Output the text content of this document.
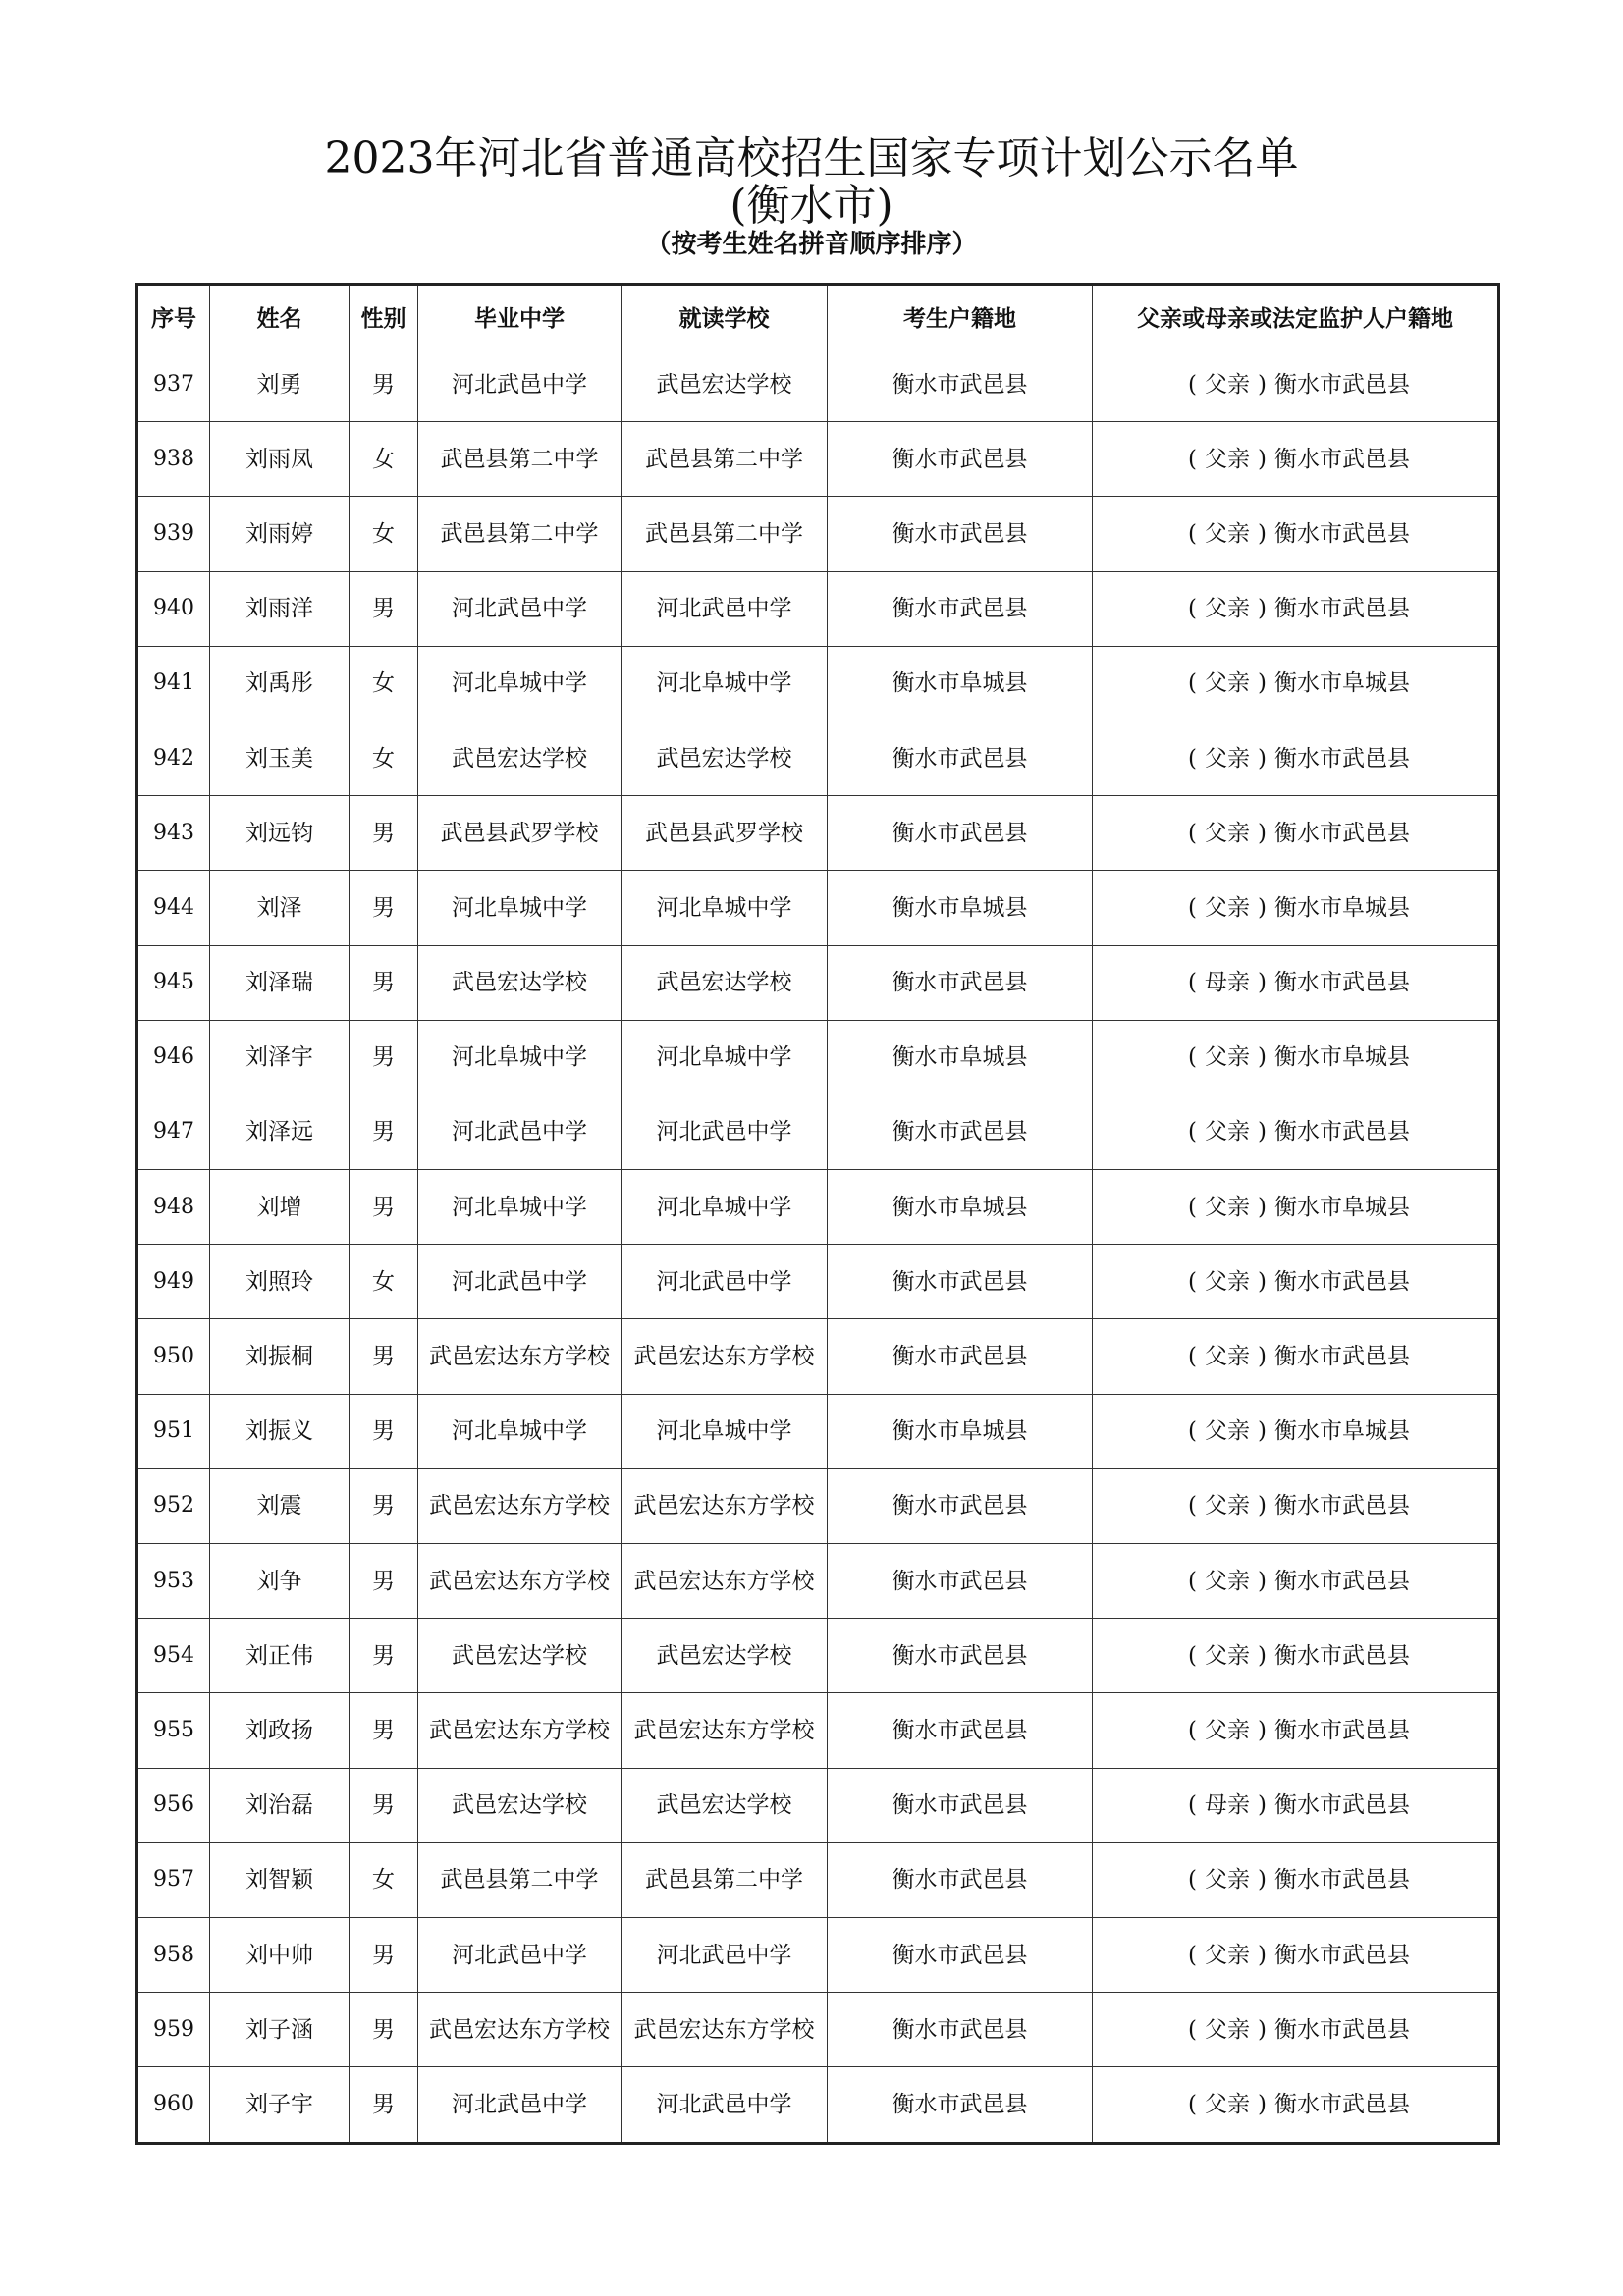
2023年河北省普通高校招生国家专项计划公示名单
(衡水市)
（按考生姓名拼音顺序排序）
序号	姓名	性别	毕业中学	就读学校	考生户籍地	父亲或母亲或法定监护人户籍地
937	刘勇	男	河北武邑中学	武邑宏达学校	衡水市武邑县	( 父亲 ) 衡水市武邑县
938	刘雨凤	女	武邑县第二中学	武邑县第二中学	衡水市武邑县	( 父亲 ) 衡水市武邑县
939	刘雨婷	女	武邑县第二中学	武邑县第二中学	衡水市武邑县	( 父亲 ) 衡水市武邑县
940	刘雨洋	男	河北武邑中学	河北武邑中学	衡水市武邑县	( 父亲 ) 衡水市武邑县
941	刘禹彤	女	河北阜城中学	河北阜城中学	衡水市阜城县	( 父亲 ) 衡水市阜城县
942	刘玉美	女	武邑宏达学校	武邑宏达学校	衡水市武邑县	( 父亲 ) 衡水市武邑县
943	刘远钧	男	武邑县武罗学校	武邑县武罗学校	衡水市武邑县	( 父亲 ) 衡水市武邑县
944	刘泽	男	河北阜城中学	河北阜城中学	衡水市阜城县	( 父亲 ) 衡水市阜城县
945	刘泽瑞	男	武邑宏达学校	武邑宏达学校	衡水市武邑县	( 母亲 ) 衡水市武邑县
946	刘泽宇	男	河北阜城中学	河北阜城中学	衡水市阜城县	( 父亲 ) 衡水市阜城县
947	刘泽远	男	河北武邑中学	河北武邑中学	衡水市武邑县	( 父亲 ) 衡水市武邑县
948	刘增	男	河北阜城中学	河北阜城中学	衡水市阜城县	( 父亲 ) 衡水市阜城县
949	刘照玲	女	河北武邑中学	河北武邑中学	衡水市武邑县	( 父亲 ) 衡水市武邑县
950	刘振桐	男	武邑宏达东方学校	武邑宏达东方学校	衡水市武邑县	( 父亲 ) 衡水市武邑县
951	刘振义	男	河北阜城中学	河北阜城中学	衡水市阜城县	( 父亲 ) 衡水市阜城县
952	刘震	男	武邑宏达东方学校	武邑宏达东方学校	衡水市武邑县	( 父亲 ) 衡水市武邑县
953	刘争	男	武邑宏达东方学校	武邑宏达东方学校	衡水市武邑县	( 父亲 ) 衡水市武邑县
954	刘正伟	男	武邑宏达学校	武邑宏达学校	衡水市武邑县	( 父亲 ) 衡水市武邑县
955	刘政扬	男	武邑宏达东方学校	武邑宏达东方学校	衡水市武邑县	( 父亲 ) 衡水市武邑县
956	刘治磊	男	武邑宏达学校	武邑宏达学校	衡水市武邑县	( 母亲 ) 衡水市武邑县
957	刘智颖	女	武邑县第二中学	武邑县第二中学	衡水市武邑县	( 父亲 ) 衡水市武邑县
958	刘中帅	男	河北武邑中学	河北武邑中学	衡水市武邑县	( 父亲 ) 衡水市武邑县
959	刘子涵	男	武邑宏达东方学校	武邑宏达东方学校	衡水市武邑县	( 父亲 ) 衡水市武邑县
960	刘子宇	男	河北武邑中学	河北武邑中学	衡水市武邑县	( 父亲 ) 衡水市武邑县
